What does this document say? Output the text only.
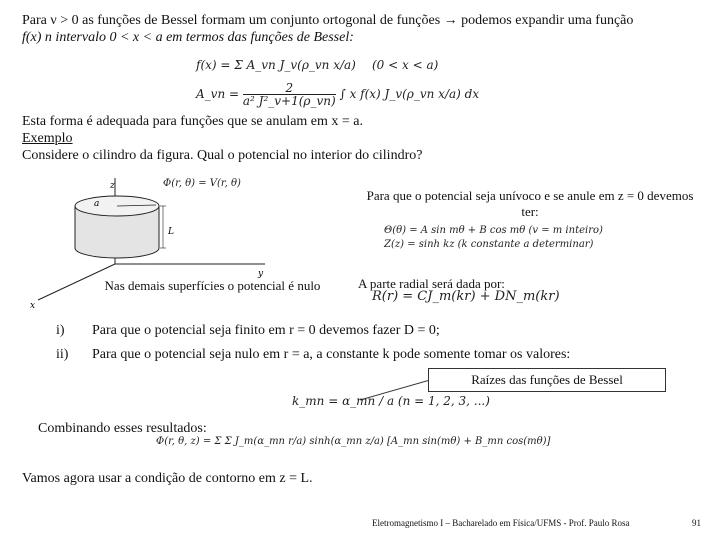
Para ν > 0 as funções de Bessel formam um conjunto ortogonal de funções → podemos expandir uma função
f(x) n intervalo 0 < x < a em termos das funções de Bessel:
f(x) = Σ A_vn J_v(ρ_vn x/a) (0 < x < a)
A_vn = $\frac{2}{\text{a² J²\_v+1(ρ\_vn)}}$ ∫ x f(x) J_v(ρ_vn x/a) dx
Esta forma é adequada para funções que se anulam em x = a.
Exemplo
Considere o cilindro da figura. Qual o potencial no interior do cilindro?
z
y
x
a
L
Φ(r, θ) = V(r, θ)
Nas demais superfícies o potencial é nulo
Para que o potencial seja unívoco e se anule em z = 0 devemos ter:
Θ(θ) = A sin mθ + B cos mθ (v = m inteiro)
Z(z) = sinh kz (k constante a determinar)
A parte radial será dada por:
R(r) = CJ_m(kr) + DN_m(kr)
i) Para que o potencial seja finito em r = 0 devemos fazer D = 0;
ii) Para que o potencial seja nulo em r = a, a constante k pode somente tomar os valores:
Raízes das funções de Bessel
k_mn = α_mn / a (n = 1, 2, 3, ...)
Combinando esses resultados:
Φ(r, θ, z) = Σ Σ J_m(α_mn r/a) sinh(α_mn z/a) [A_mn sin(mθ) + B_mn cos(mθ)]
Vamos agora usar a condição de contorno em z = L.
Eletromagnetismo I – Bacharelado em Física/UFMS - Prof. Paulo Rosa	91
